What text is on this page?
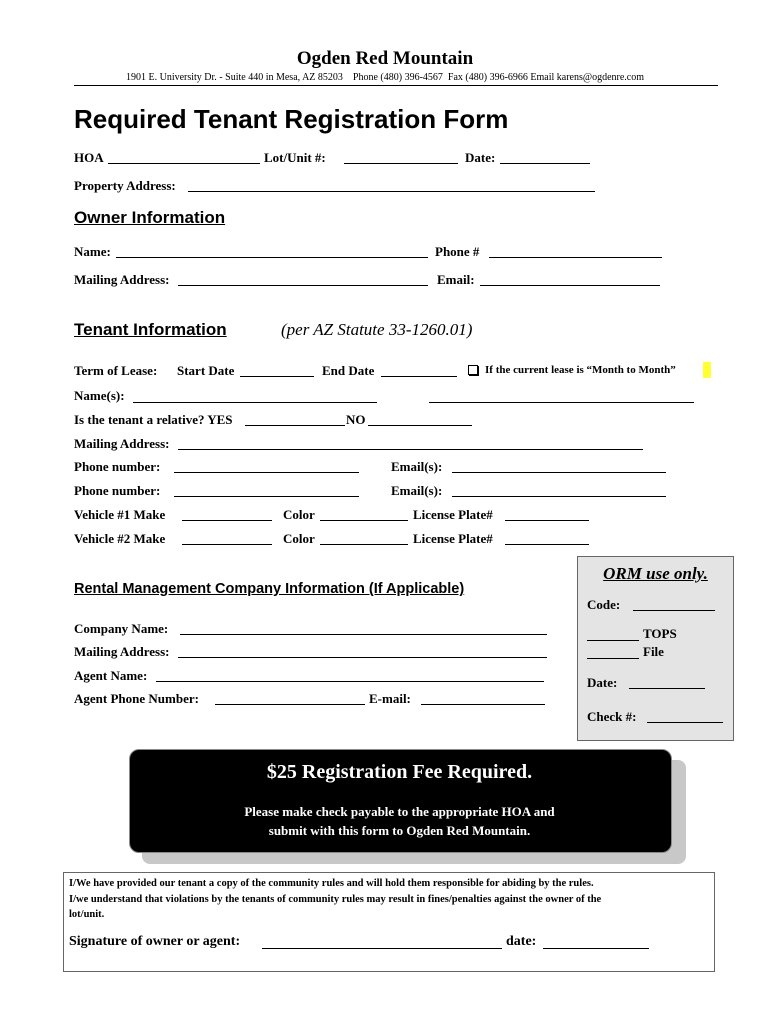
Ogden Red Mountain
1901 E. University Dr. - Suite 440 in Mesa, AZ 85203    Phone (480) 396-4567  Fax (480) 396-6966 Email karens@ogdenre.com
Required Tenant Registration Form
HOA	Lot/Unit #:	Date:
Property Address:
Owner Information
Name:	Phone #
Mailing Address:	Email:
Tenant Information	(per AZ Statute 33-1260.01)
Term of Lease: Start Date	End Date	If the current lease is “Month to Month”
Name(s):
Is the tenant a relative? YES	NO
Mailing Address:
Phone number:	Email(s):
Phone number:	Email(s):
Vehicle #1 Make	Color	License Plate#
Vehicle #2 Make	Color	License Plate#
ORM use only.
Code:
TOPS
File
Date:
Check #:
Rental Management Company Information (If Applicable)
Company Name:
Mailing Address:
Agent Name:
Agent Phone Number:	E-mail:
$25 Registration Fee Required.
Please make check payable to the appropriate HOA and
submit with this form to Ogden Red Mountain.
I/We have provided our tenant a copy of the community rules and will hold them responsible for abiding by the rules.
I/we understand that violations by the tenants of community rules may result in fines/penalties against the owner of the
lot/unit.
Signature of owner or agent:	date:
